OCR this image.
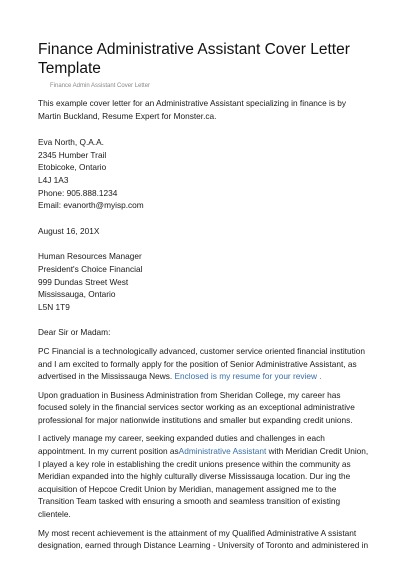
Finance Administrative Assistant Cover Letter
Template
Finance Admin Assistant Cover Letter
This example cover letter for an Administrative Assistant specializing in finance is by
Martin Buckland, Resume Expert for Monster.ca.
Eva North, Q.A.A.
2345 Humber Trail
Etobicoke, Ontario
L4J 1A3
Phone: 905.888.1234
Email: evanorth@myisp.com
August 16, 201X
Human Resources Manager
President's Choice Financial
999 Dundas Street West
Mississauga, Ontario
L5N 1T9
Dear Sir or Madam:
PC Financial is a technologically advanced, customer service oriented financial institution
and I am excited to formally apply for the position of Senior Administrative Assistant, as
advertised in the Mississauga News. Enclosed is my resume for your review .
Upon graduation in Business Administration from Sheridan College, my career has
focused solely in the financial services sector working as an exceptional administrative
professional for major nationwide institutions and smaller but expanding credit unions.
I actively manage my career, seeking expanded duties and challenges in each
appointment. In my current position asAdministrative Assistant with Meridian Credit Union,
I played a key role in establishing the credit unions presence within the community as
Meridian expanded into the highly culturally diverse Mississauga location. Dur ing the
acquisition of Hepcoe Credit Union by Meridian, management assigned me to the
Transition Team tasked with ensuring a smooth and seamless transition of existing
clientele.
My most recent achievement is the attainment of my Qualified Administrative A ssistant
designation, earned through Distance Learning - University of Toronto and administered in
